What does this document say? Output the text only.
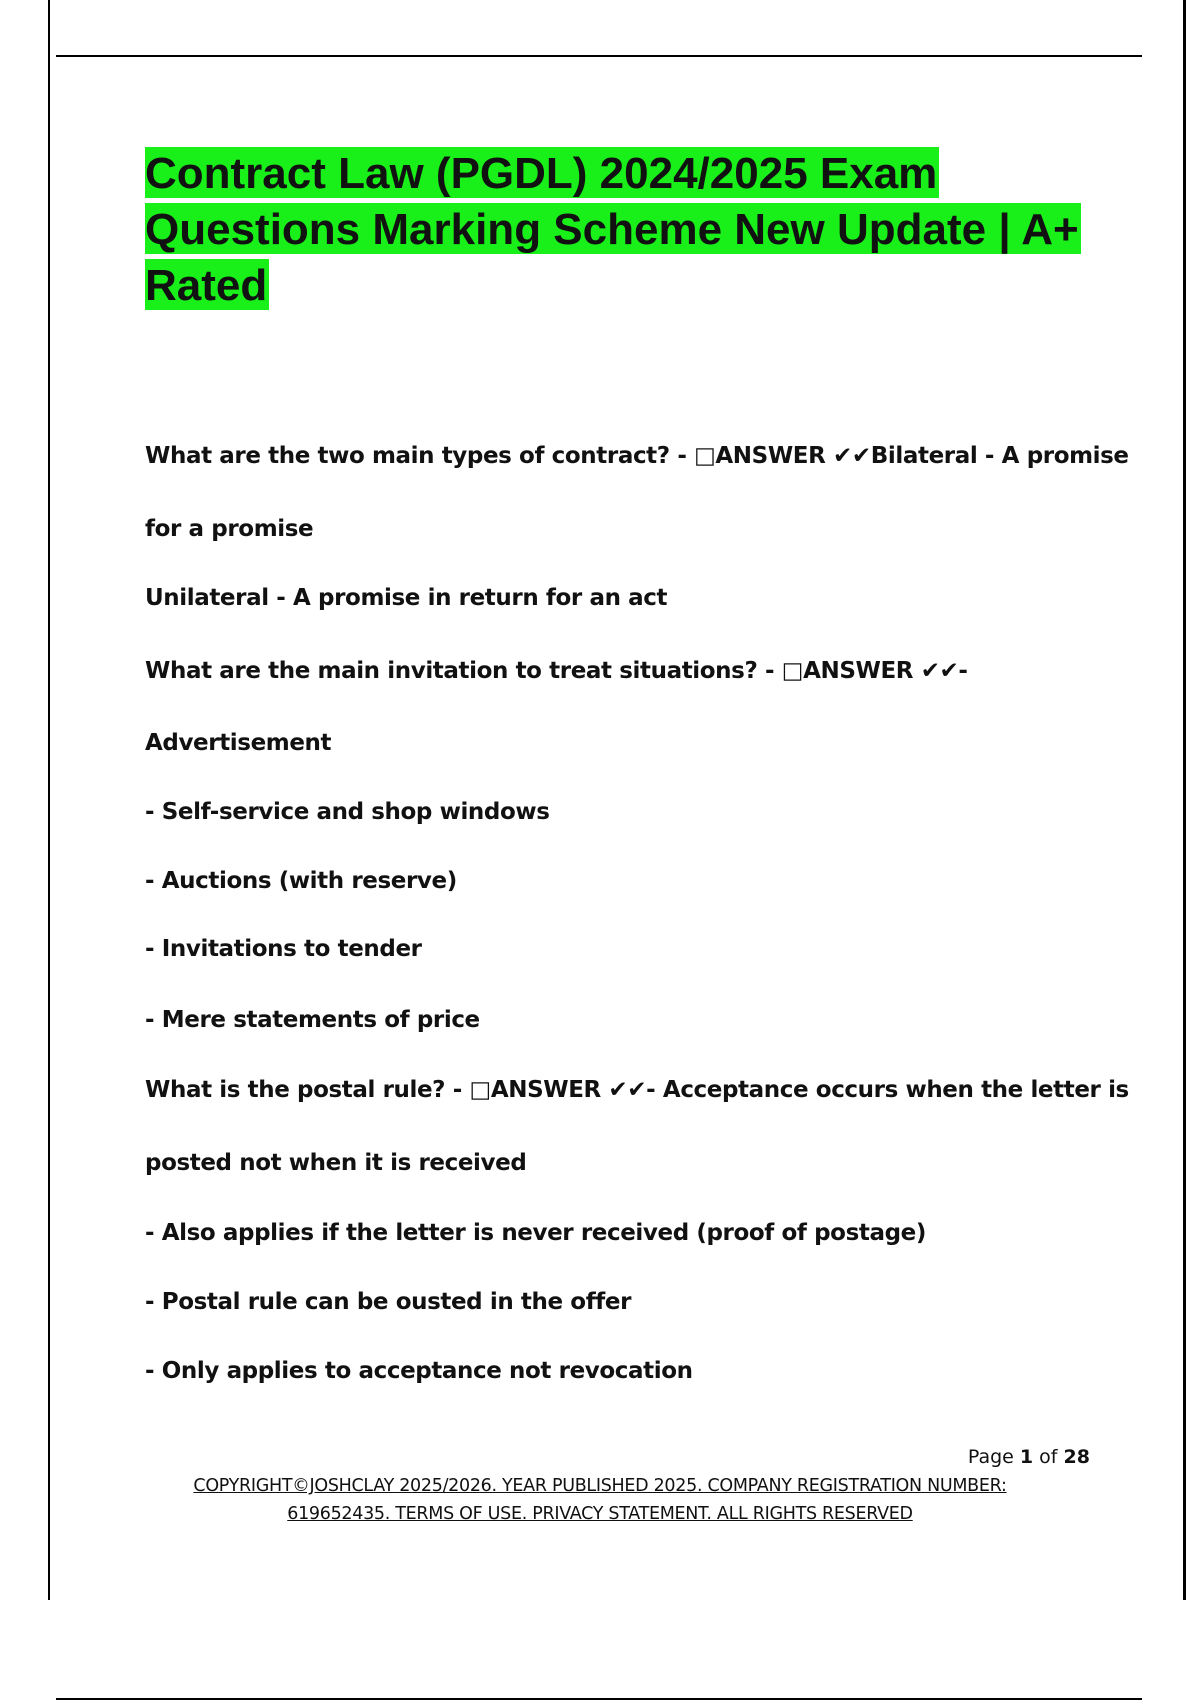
Contract Law (PGDL) 2024/2025 Exam Questions Marking Scheme New Update | A+ Rated
What are the two main types of contract? - □ANSWER ✔✔Bilateral - A promise
for a promise
Unilateral - A promise in return for an act
What are the main invitation to treat situations? - □ANSWER ✔✔-
Advertisement
- Self-service and shop windows
- Auctions (with reserve)
- Invitations to tender
- Mere statements of price
What is the postal rule? - □ANSWER ✔✔- Acceptance occurs when the letter is
posted not when it is received
- Also applies if the letter is never received (proof of postage)
- Postal rule can be ousted in the offer
- Only applies to acceptance not revocation
Page 1 of 28
COPYRIGHT©JOSHCLAY 2025/2026. YEAR PUBLISHED 2025. COMPANY REGISTRATION NUMBER:
619652435. TERMS OF USE. PRIVACY STATEMENT. ALL RIGHTS RESERVED
